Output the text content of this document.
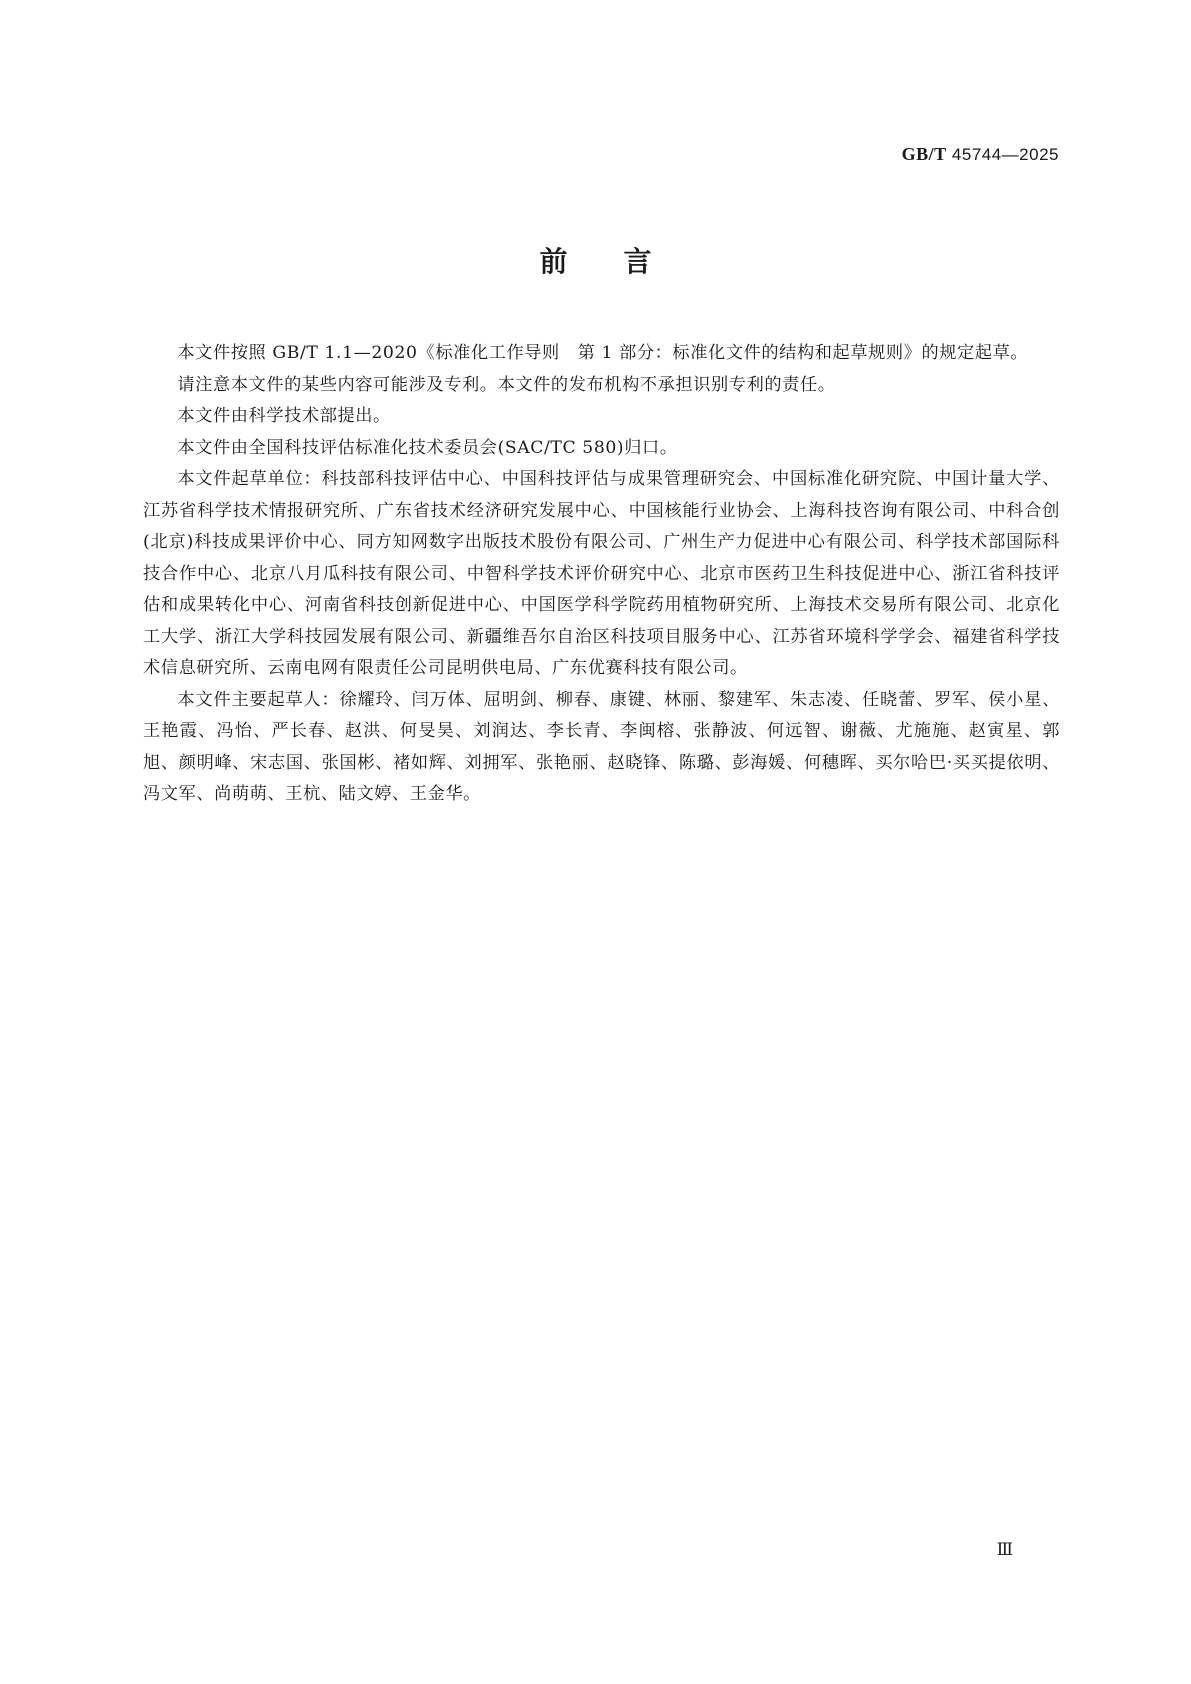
GB/T 45744—2025
前言

本文件按照 GB/T 1.1—2020《标准化工作导则　第 1 部分：标准化文件的结构和起草规则》的规定起草。

请注意本文件的某些内容可能涉及专利。本文件的发布机构不承担识别专利的责任。

本文件由科学技术部提出。

本文件由全国科技评估标准化技术委员会(SAC/TC 580)归口。

本文件起草单位：科技部科技评估中心、中国科技评估与成果管理研究会、中国标准化研究院、中国计量大学、江苏省科学技术情报研究所、广东省技术经济研究发展中心、中国核能行业协会、上海科技咨询有限公司、中科合创(北京)科技成果评价中心、同方知网数字出版技术股份有限公司、广州生产力促进中心有限公司、科学技术部国际科技合作中心、北京八月瓜科技有限公司、中智科学技术评价研究中心、北京市医药卫生科技促进中心、浙江省科技评估和成果转化中心、河南省科技创新促进中心、中国医学科学院药用植物研究所、上海技术交易所有限公司、北京化工大学、浙江大学科技园发展有限公司、新疆维吾尔自治区科技项目服务中心、江苏省环境科学学会、福建省科学技术信息研究所、云南电网有限责任公司昆明供电局、广东优赛科技有限公司。

本文件主要起草人：徐耀玲、闫万体、屈明剑、柳春、康键、林丽、黎建军、朱志凌、任晓蕾、罗军、侯小星、王艳霞、冯怡、严长春、赵洪、何旻昊、刘润达、李长青、李闽榕、张静波、何远智、谢薇、尤施施、赵寅星、郭旭、颜明峰、宋志国、张国彬、褚如辉、刘拥军、张艳丽、赵晓锋、陈璐、彭海媛、何穗晖、买尔哈巴·买买提依明、冯文军、尚萌萌、王杭、陆文婷、王金华。

Ⅲ
